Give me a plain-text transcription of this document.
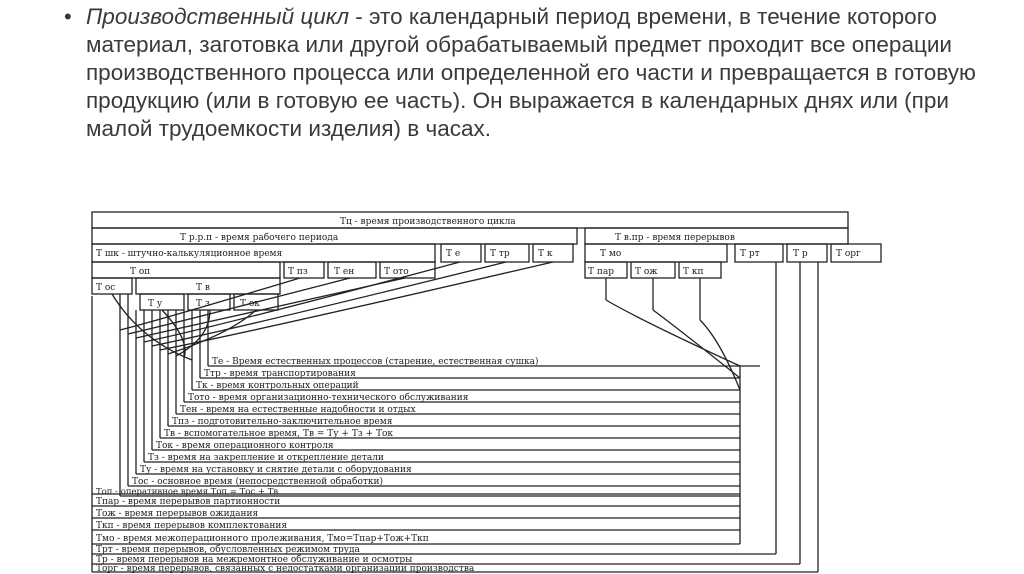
• Производственный цикл - это календарный период времени, в течение которого материал, заготовка или другой обрабатываемый предмет проходит все операции производственного процесса или определенной его части и превращается в готовую продукцию (или в готовую ее часть). Он выражается в календарных днях или (при малой трудоемкости изделия) в часах.
Тц - время производственного цикла
Т р.р.п - время рабочего периода	Т в.пр - время перерывов
Т шк - штучно-калькуляционное время	Т е	Т тр	Т к	Т мо	Т рт	Т р	Т орг
Т оп	Т пз	Т ен	Т ото	Т пар Т ож	Т кп
Т ос	Т в
Т у	Т з	Т ок
Те - Время естественных процессов (старение, естественная сушка)
Ттр - время транспортирования
Тк - время контрольных операций
Тото - время организационно-технического обслуживания
Тен - время на естественные надобности и отдых
Тпз - подготовительно-заключительное время
Тв - вспомогательное время, Тв = Ту + Тз + Ток
Ток - время операционного контроля
Тз - время на закрепление и открепление детали
Ту - время на установку и снятие детали с оборудования
Тос - основное время (непосредственной обработки)
Топ - оперативное время Топ = Тос + Тв
Тпар - время перерывов партионности
Тож - время перерывов ожидания
Ткп - время перерывов комплектования
Тмо - время межоперационного пролеживания, Тмо=Тпар+Тож+Ткп
Трт - время перерывов, обусловленных режимом труда
Тр - время перерывов на межремонтное обслуживание и осмотры
Торг - время перерывов, связанных с недостатками организации производства
